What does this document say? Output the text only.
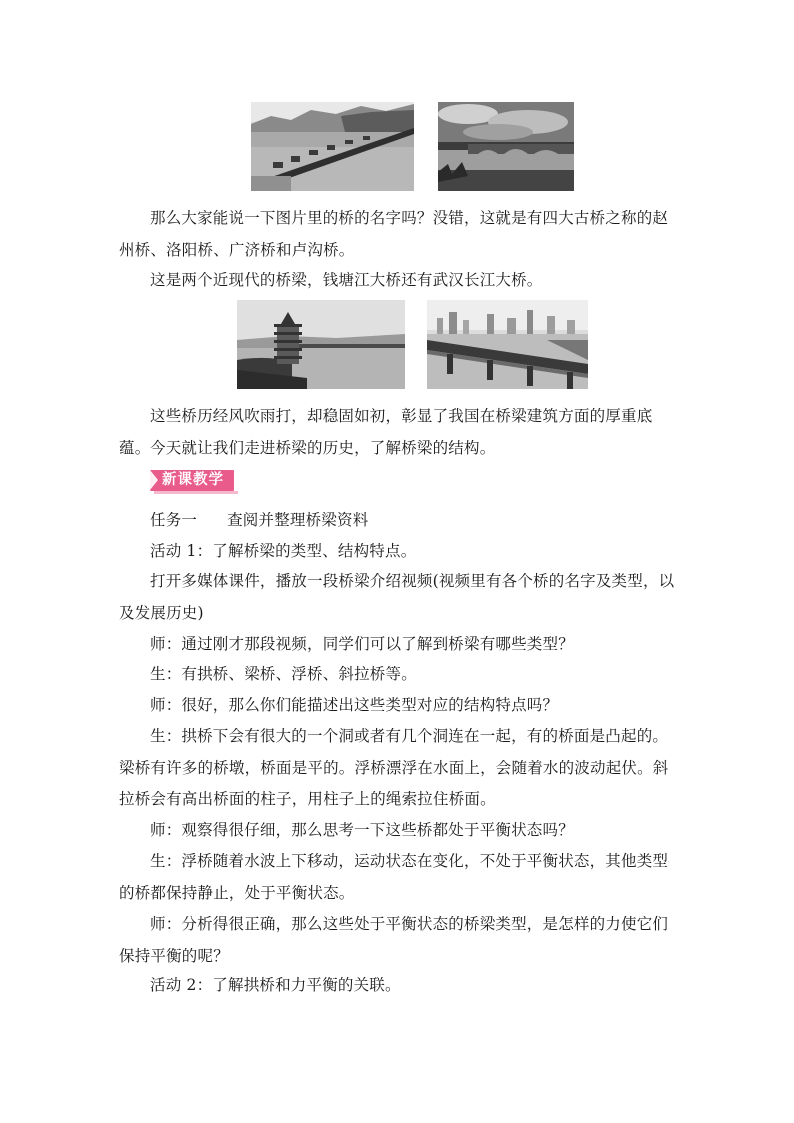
那么大家能说一下图片里的桥的名字吗？没错，这就是有四大古桥之称的赵州桥、洛阳桥、广济桥和卢沟桥。

这是两个近现代的桥梁，钱塘江大桥还有武汉长江大桥。

这些桥历经风吹雨打，却稳固如初，彰显了我国在桥梁建筑方面的厚重底蕴。 今天就让我们走进桥梁的历史，了解桥梁的结构。
新课教学
任务一 查阅并整理桥梁资料
活动 1：了解桥梁的类型、结构特点。

打开多媒体课件，播放一段桥梁介绍视频(视频里有各个桥的名字及类型，以及发展历史)

师：通过刚才那段视频，同学们可以了解到桥梁有哪些类型？
生：有拱桥、梁桥、浮桥、斜拉桥等。
师：很好，那么你们能描述出这些类型对应的结构特点吗？

生：拱桥下会有很大的一个洞或者有几个洞连在一起，有的桥面是凸起的。梁桥有许多的桥墩，桥面是平的。浮桥漂浮在水面上，会随着水的波动起伏。斜拉桥会有高出桥面的柱子，用柱子上的绳索拉住桥面。

师：观察得很仔细，那么思考一下这些桥都处于平衡状态吗？

生：浮桥随着水波上下移动，运动状态在变化，不处于平衡状态，其他类型的桥都保持静止，处于平衡状态。

师：分析得很正确，那么这些处于平衡状态的桥梁类型，是怎样的力使它们保持平衡的呢？

活动 2：了解拱桥和力平衡的关联。
